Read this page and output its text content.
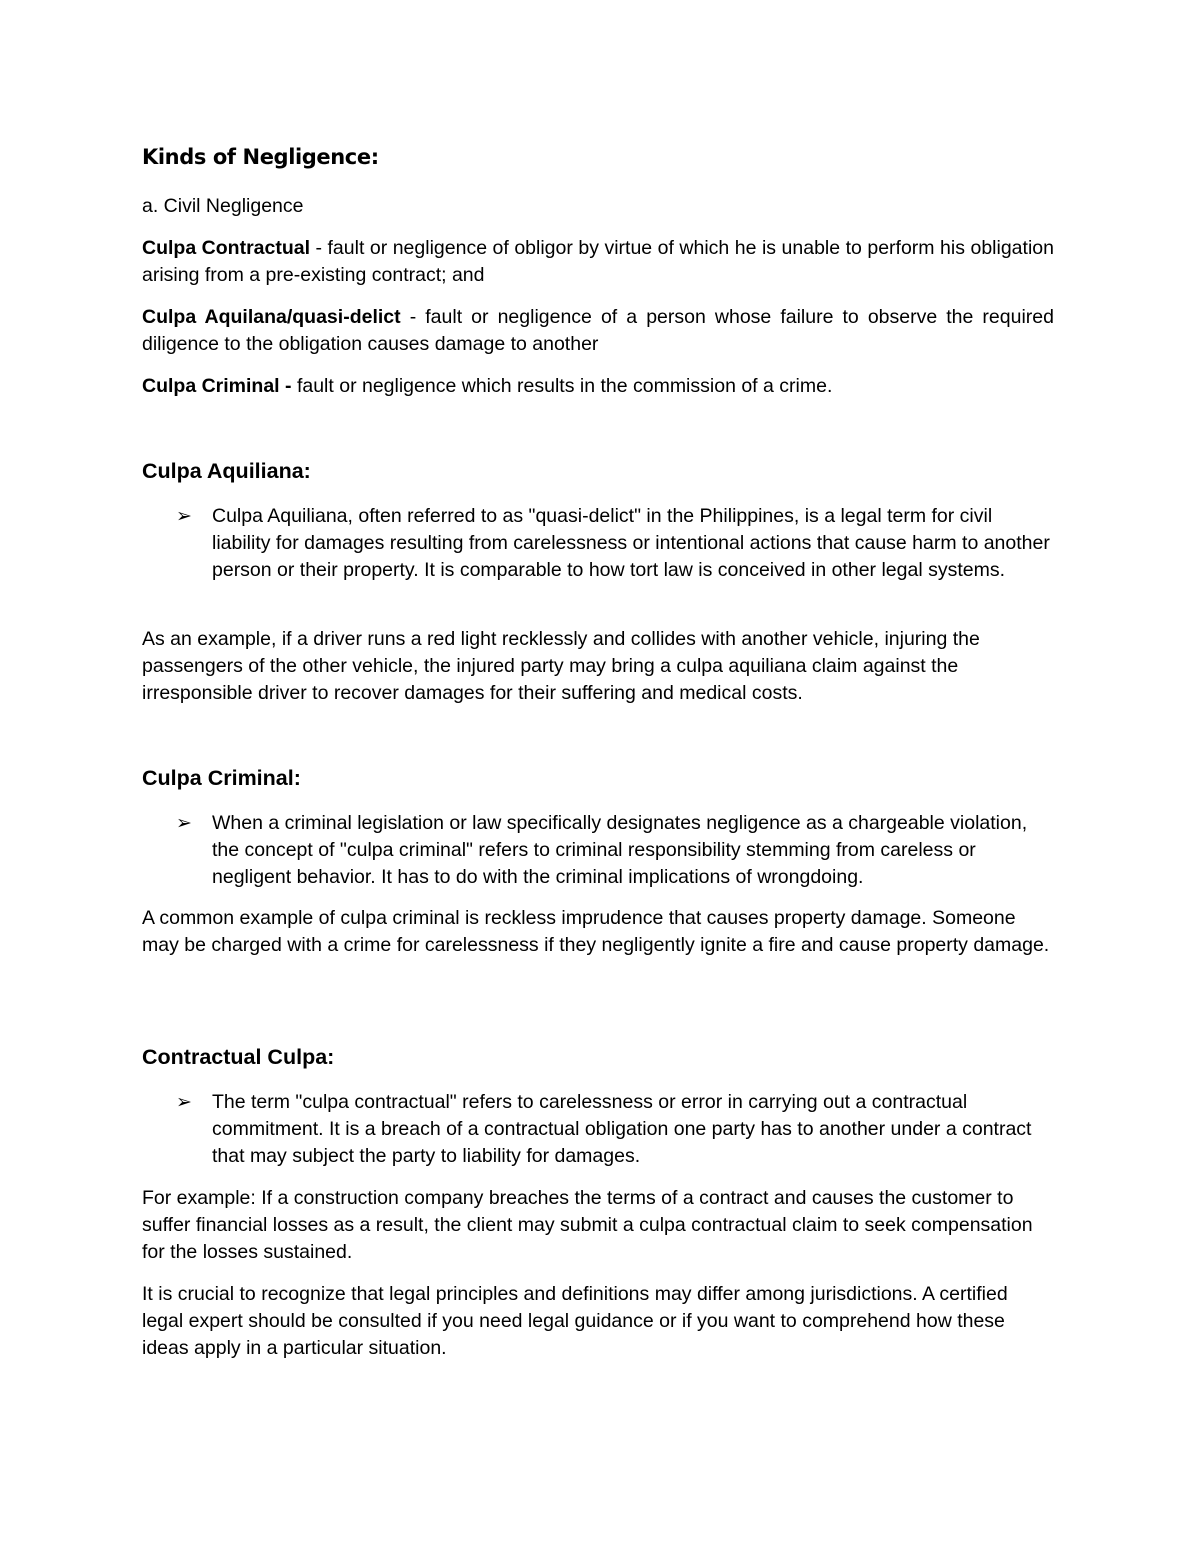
Kinds of Negligence:

a. Civil Negligence

Culpa Contractual - fault or negligence of obligor by virtue of which he is unable to perform his obligation arising from a pre-existing contract; and

Culpa Aquilana/quasi-delict - fault or negligence of a person whose failure to observe the required diligence to the obligation causes damage to another

Culpa Criminal - fault or negligence which results in the commission of a crime.

Culpa Aquiliana:
➢ Culpa Aquiliana, often referred to as "quasi-delict" in the Philippines, is a legal term for civil liability for damages resulting from carelessness or intentional actions that cause harm to another person or their property. It is comparable to how tort law is conceived in other legal systems.

As an example, if a driver runs a red light recklessly and collides with another vehicle, injuring the passengers of the other vehicle, the injured party may bring a culpa aquiliana claim against the irresponsible driver to recover damages for their suffering and medical costs.

Culpa Criminal:
➢ When a criminal legislation or law specifically designates negligence as a chargeable violation, the concept of "culpa criminal" refers to criminal responsibility stemming from careless or negligent behavior. It has to do with the criminal implications of wrongdoing.

A common example of culpa criminal is reckless imprudence that causes property damage. Someone may be charged with a crime for carelessness if they negligently ignite a fire and cause property damage.

Contractual Culpa:
➢ The term "culpa contractual" refers to carelessness or error in carrying out a contractual commitment. It is a breach of a contractual obligation one party has to another under a contract that may subject the party to liability for damages.

For example: If a construction company breaches the terms of a contract and causes the customer to suffer financial losses as a result, the client may submit a culpa contractual claim to seek compensation for the losses sustained.

It is crucial to recognize that legal principles and definitions may differ among jurisdictions. A certified legal expert should be consulted if you need legal guidance or if you want to comprehend how these ideas apply in a particular situation.
